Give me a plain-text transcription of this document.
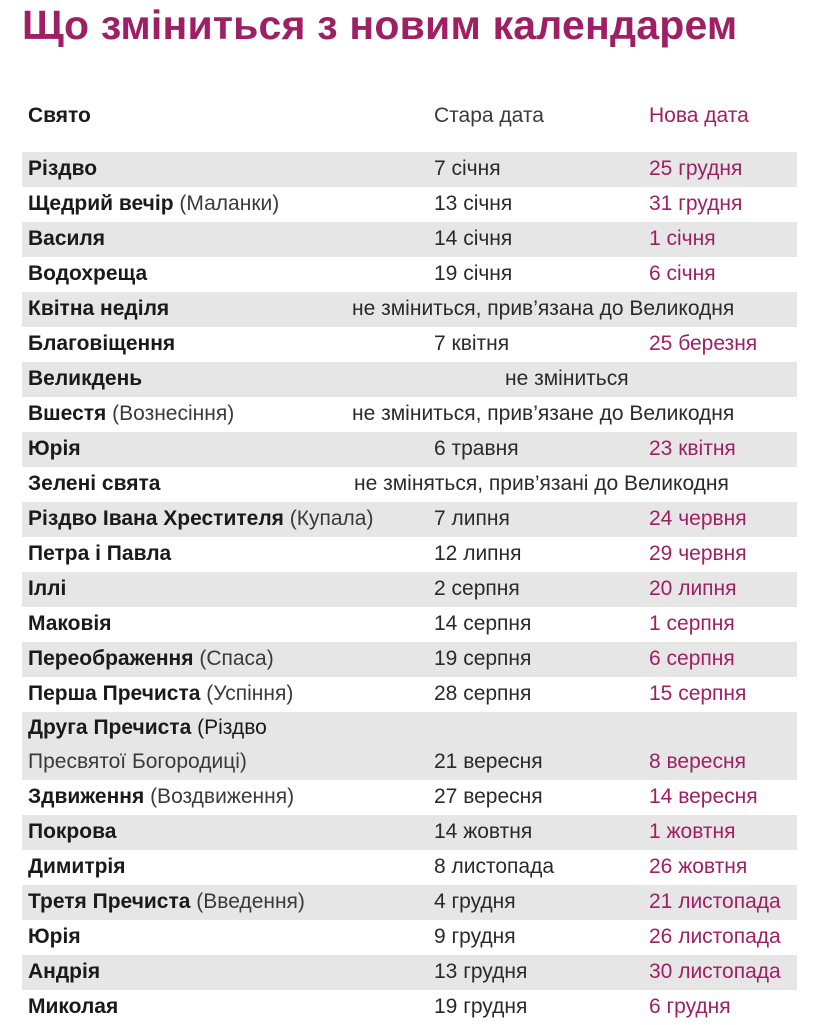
Що зміниться з новим календарем
Свято	Стара дата	Нова дата
Різдво	7 січня	25 грудня
Щедрий вечір (Маланки)	13 січня	31 грудня
Василя	14 січня	1 січня
Водохреща	19 січня	6 січня
Квітна неділя	не зміниться, прив’язана до Великодня
Благовіщення	7 квітня	25 березня
Великдень	не зміниться
Вшестя (Вознесіння)	не зміниться, прив’язане до Великодня
Юрія	6 травня	23 квітня
Зелені свята	не зміняться, прив’язані до Великодня
Різдво Івана Хрестителя (Купала)	7 липня	24 червня
Петра і Павла	12 липня	29 червня
Іллі	2 серпня	20 липня
Маковія	14 серпня	1 серпня
Переображення (Спаса)	19 серпня	6 серпня
Перша Пречиста (Успіння)	28 серпня	15 серпня
Друга Пречиста (Різдво
Пресвятої Богородиці)	21 вересня	8 вересня
Здвиження (Воздвиження)	27 вересня	14 вересня
Покрова	14 жовтня	1 жовтня
Димитрія	8 листопада	26 жовтня
Третя Пречиста (Введення)	4 грудня	21 листопада
Юрія	9 грудня	26 листопада
Андрія	13 грудня	30 листопада
Миколая	19 грудня	6 грудня
